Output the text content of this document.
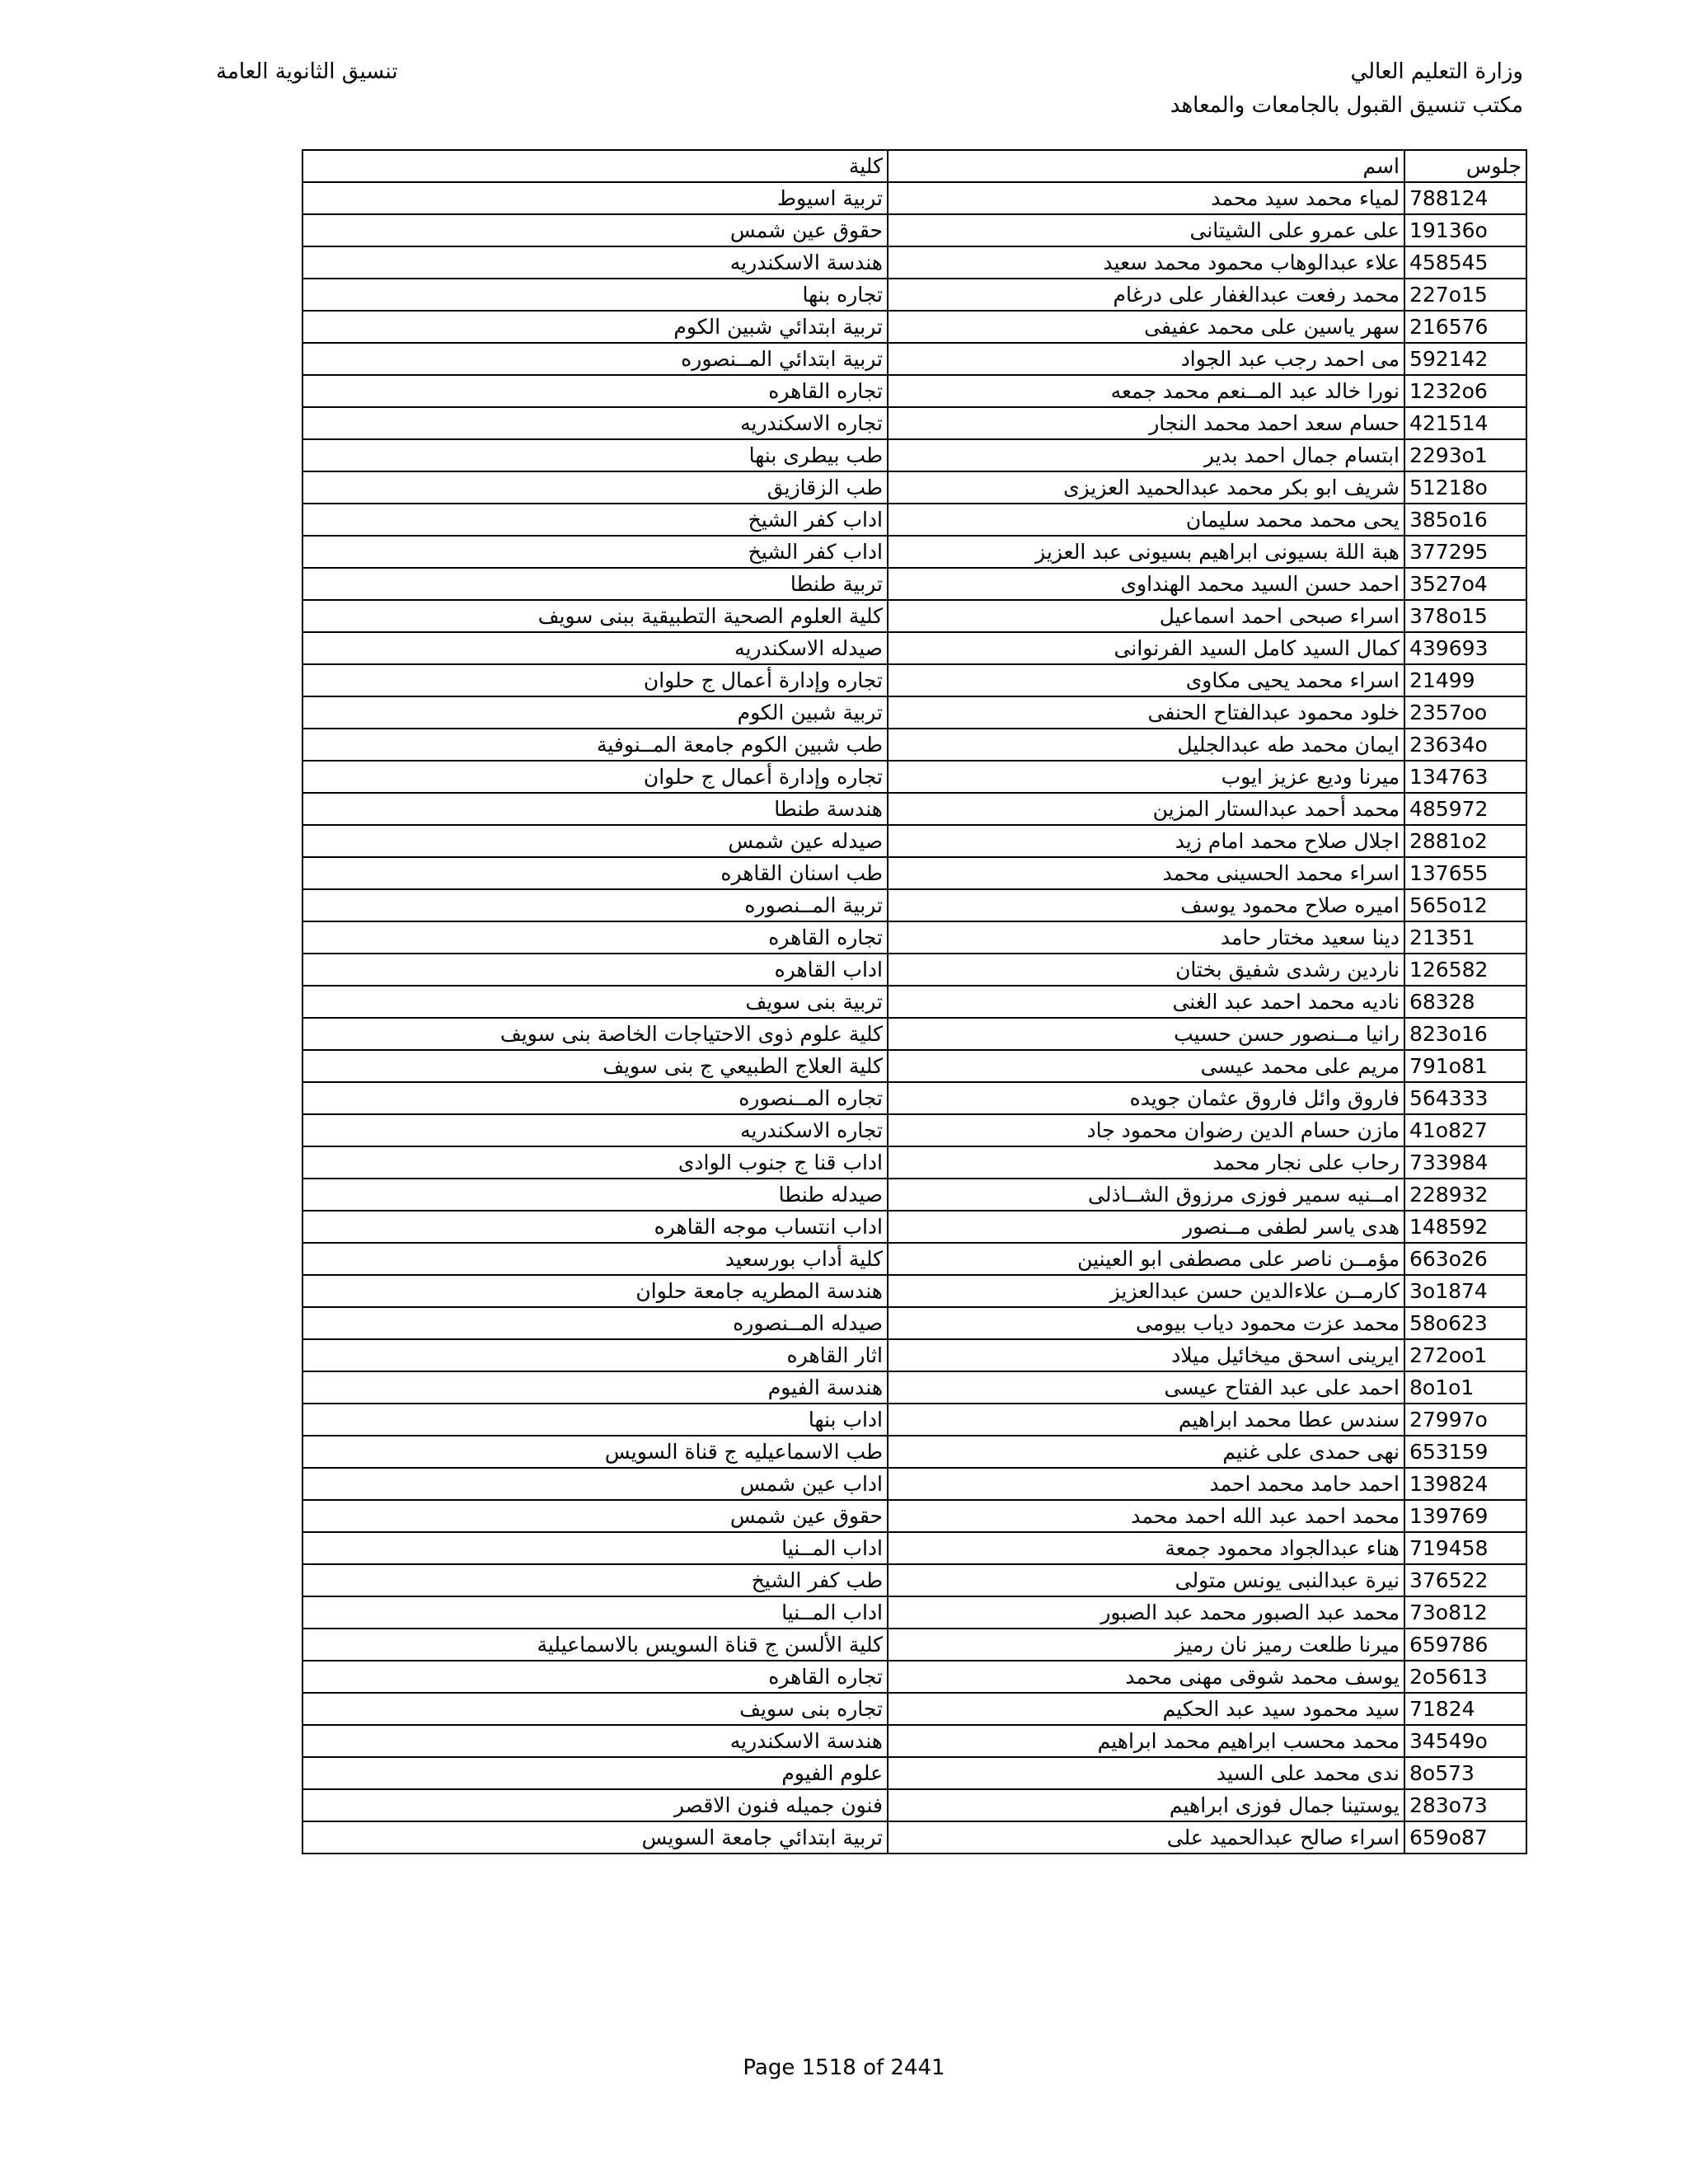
وزارة التعليم العالي
مكتب تنسيق القبول بالجامعات والمعاهد
تنسيق الثانوية العامة
جلوس	اسم	كلية
788124	لمياء محمد سيد محمد	تربية اسيوط
19136o	على عمرو على الشيتانى	حقوق عين شمس
458545	علاء عبدالوهاب محمود محمد سعيد	هندسة الاسكندريه
227o15	محمد رفعت عبدالغفار على درغام	تجاره بنها
216576	سهر ياسين على محمد عفيفى	تربية ابتدائي شبين الكوم
592142	مى احمد رجب عبد الجواد	تربية ابتدائي المــنصوره
1232o6	نورا خالد عبد المــنعم محمد جمعه	تجاره القاهره
421514	حسام سعد احمد محمد النجار	تجاره الاسكندريه
2293o1	ابتسام جمال احمد بدير	طب بيطرى بنها
51218o	شريف ابو بكر محمد عبدالحميد العزيزى	طب الزقازيق
385o16	يحى محمد محمد سليمان	اداب كفر الشيخ
377295	هبة اللة بسيونى ابراهيم بسيونى عبد العزيز	اداب كفر الشيخ
3527o4	احمد حسن السيد محمد الهنداوى	تربية طنطا
378o15	اسراء صبحى احمد اسماعيل	كلية العلوم الصحية التطبيقية ببنى سويف
439693	كمال السيد كامل السيد الفرنوانى	صيدله الاسكندريه
21499	اسراء محمد يحيى مكاوى	تجاره وإدارة أعمال ج حلوان
2357oo	خلود محمود عبدالفتاح الحنفى	تربية شبين الكوم
23634o	ايمان محمد طه عبدالجليل	طب شبين الكوم جامعة المــنوفية
134763	ميرنا وديع عزيز ايوب	تجاره وإدارة أعمال ج حلوان
485972	محمد أحمد عبدالستار المزين	هندسة طنطا
2881o2	اجلال صلاح محمد امام زيد	صيدله عين شمس
137655	اسراء محمد الحسينى محمد	طب اسنان القاهره
565o12	اميره صلاح محمود يوسف	تربية المــنصوره
21351	دينا سعيد مختار حامد	تجاره القاهره
126582	ناردين رشدى شفيق بختان	اداب القاهره
68328	ناديه محمد احمد عبد الغنى	تربية بنى سويف
823o16	رانيا مــنصور حسن حسيب	كلية علوم ذوى الاحتياجات الخاصة بنى سويف
791o81	مريم على محمد عيسى	كلية العلاج الطبيعي ج بنى سويف
564333	فاروق وائل فاروق عثمان جويده	تجاره المــنصوره
41o827	مازن حسام الدين رضوان محمود جاد	تجاره الاسكندريه
733984	رحاب على نجار محمد	اداب قنا ج جنوب الوادى
228932	امــنيه سمير فوزى مرزوق الشــاذلى	صيدله طنطا
148592	هدى ياسر لطفى مــنصور	اداب انتساب موجه القاهره
663o26	مؤمــن ناصر على مصطفى ابو العينين	كلية أداب بورسعيد
3o1874	كارمــن علاءالدين حسن عبدالعزيز	هندسة المطريه جامعة حلوان
58o623	محمد عزت محمود دياب بيومى	صيدله المــنصوره
272oo1	ايرينى اسحق ميخائيل ميلاد	اثار القاهره
8o1o1	احمد على عبد الفتاح عيسى	هندسة الفيوم
27997o	سندس عطا محمد ابراهيم	اداب بنها
653159	نهى حمدى على غنيم	طب الاسماعيليه ج قناة السويس
139824	احمد حامد محمد احمد	اداب عين شمس
139769	محمد احمد عبد الله احمد محمد	حقوق عين شمس
719458	هناء عبدالجواد محمود جمعة	اداب المــنيا
376522	نيرة عبدالنبى يونس متولى	طب كفر الشيخ
73o812	محمد عبد الصبور محمد عبد الصبور	اداب المــنيا
659786	ميرنا طلعت رميز نان رميز	كلية الألسن ج قناة السويس بالاسماعيلية
2o5613	يوسف محمد شوقى مهنى محمد	تجاره القاهره
71824	سيد محمود سيد عبد الحكيم	تجاره بنى سويف
34549o	محمد محسب ابراهيم محمد ابراهيم	هندسة الاسكندريه
8o573	ندى محمد على السيد	علوم الفيوم
283o73	يوستينا جمال فوزى ابراهيم	فنون جميله فنون الاقصر
659o87	اسراء صالح عبدالحميد على	تربية ابتدائي جامعة السويس
Page 1518 of 2441
